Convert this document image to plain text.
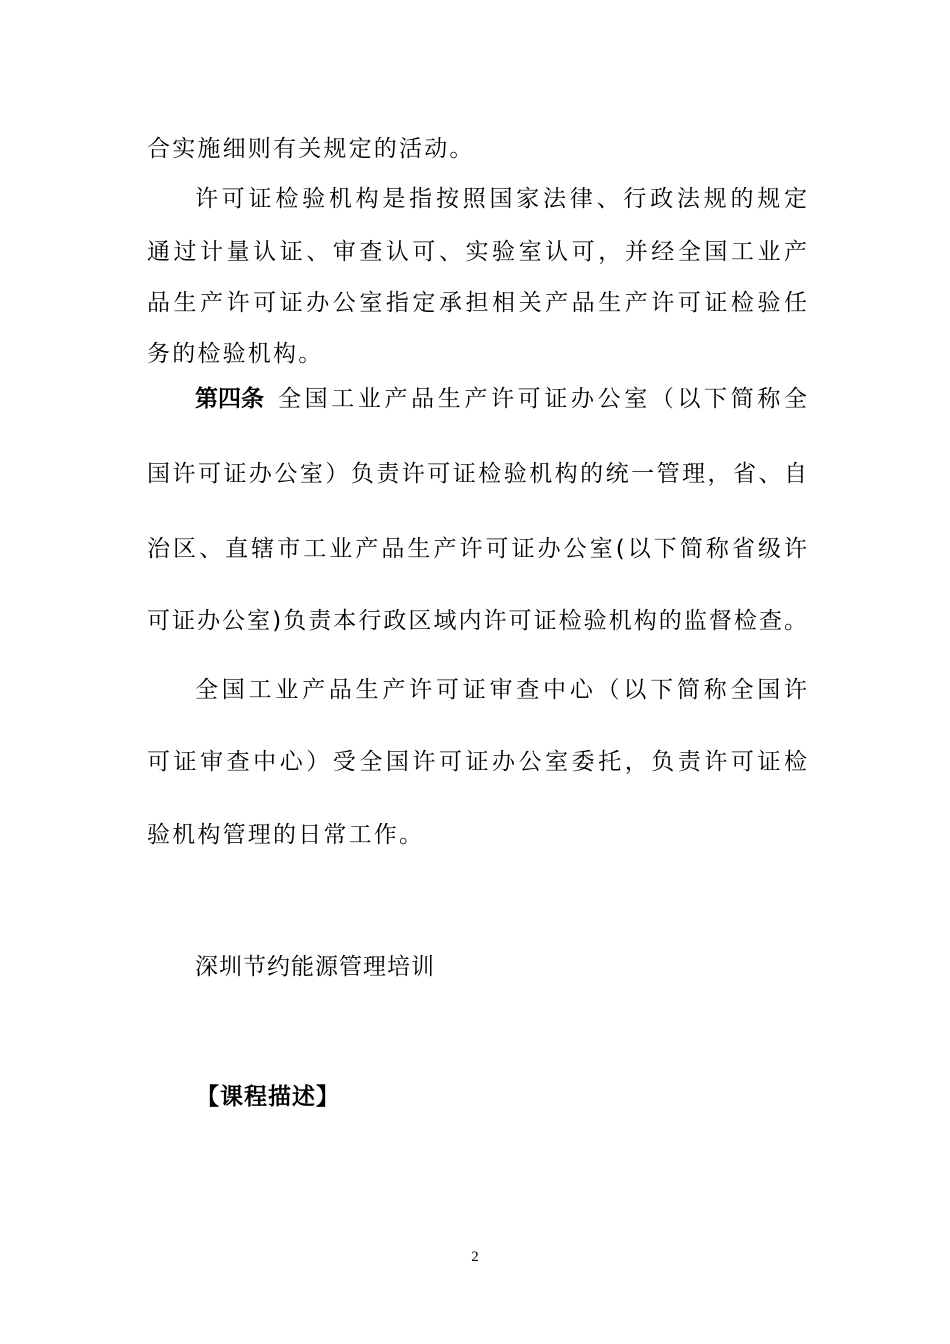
合实施细则有关规定的活动。
许可证检验机构是指按照国家法律、行政法规的规定
通过计量认证、审查认可、实验室认可，并经全国工业产
品生产许可证办公室指定承担相关产品生产许可证检验任
务的检验机构。
第四条 全国工业产品生产许可证办公室（以下简称全
国许可证办公室）负责许可证检验机构的统一管理，省、自
治区、直辖市工业产品生产许可证办公室(以下简称省级许
可证办公室)负责本行政区域内许可证检验机构的监督检查。
全国工业产品生产许可证审查中心（以下简称全国许
可证审查中心）受全国许可证办公室委托，负责许可证检
验机构管理的日常工作。
深圳节约能源管理培训
【课程描述】
2
